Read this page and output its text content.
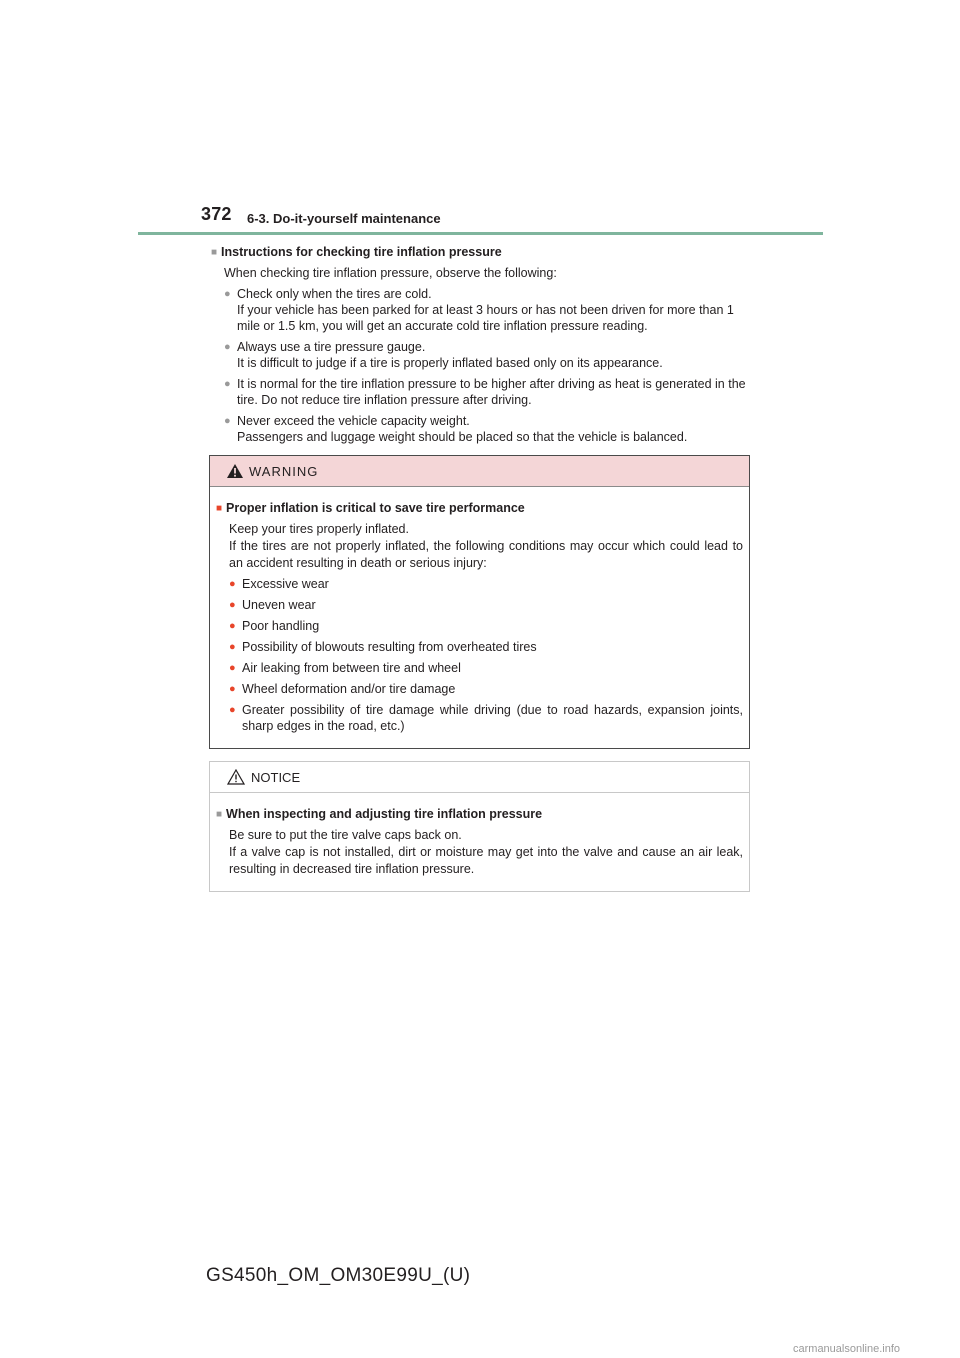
372 6-3. Do-it-yourself maintenance
■ Instructions for checking tire inflation pressure
When checking tire inflation pressure, observe the following:
● Check only when the tires are cold.
If your vehicle has been parked for at least 3 hours or has not been driven for more than 1 mile or 1.5 km, you will get an accurate cold tire inflation pressure reading.
● Always use a tire pressure gauge.
It is difficult to judge if a tire is properly inflated based only on its appearance.
● It is normal for the tire inflation pressure to be higher after driving as heat is generated in the tire. Do not reduce tire inflation pressure after driving.
● Never exceed the vehicle capacity weight.
Passengers and luggage weight should be placed so that the vehicle is balanced.
WARNING
■ Proper inflation is critical to save tire performance
Keep your tires properly inflated.
If the tires are not properly inflated, the following conditions may occur which could lead to an accident resulting in death or serious injury:
● Excessive wear
● Uneven wear
● Poor handling
● Possibility of blowouts resulting from overheated tires
● Air leaking from between tire and wheel
● Wheel deformation and/or tire damage
● Greater possibility of tire damage while driving (due to road hazards, expansion joints, sharp edges in the road, etc.)
NOTICE
■ When inspecting and adjusting tire inflation pressure
Be sure to put the tire valve caps back on.
If a valve cap is not installed, dirt or moisture may get into the valve and cause an air leak, resulting in decreased tire inflation pressure.
GS450h_OM_OM30E99U_(U)
carmanualsonline.info
